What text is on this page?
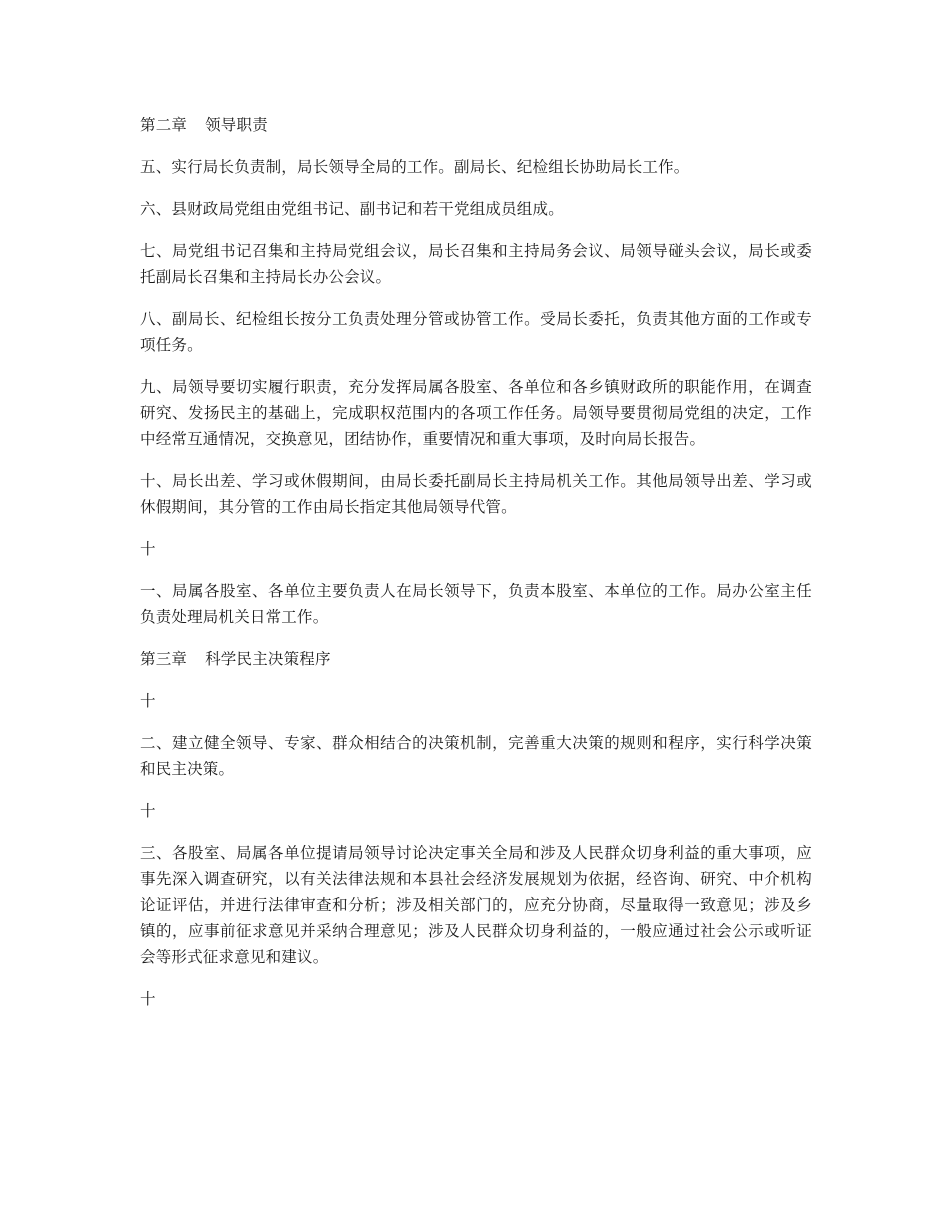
第二章 领导职责

五、实行局长负责制，局长领导全局的工作。副局长、纪检组长协助局长工作。

六、县财政局党组由党组书记、副书记和若干党组成员组成。

七、局党组书记召集和主持局党组会议，局长召集和主持局务会议、局领导碰头会议，局长或委托副局长召集和主持局长办公会议。

八、副局长、纪检组长按分工负责处理分管或协管工作。受局长委托，负责其他方面的工作或专项任务。

九、局领导要切实履行职责，充分发挥局属各股室、各单位和各乡镇财政所的职能作用，在调查研究、发扬民主的基础上，完成职权范围内的各项工作任务。局领导要贯彻局党组的决定，工作中经常互通情况，交换意见，团结协作，重要情况和重大事项，及时向局长报告。

十、局长出差、学习或休假期间，由局长委托副局长主持局机关工作。其他局领导出差、学习或休假期间，其分管的工作由局长指定其他局领导代管。

十

一、局属各股室、各单位主要负责人在局长领导下，负责本股室、本单位的工作。局办公室主任负责处理局机关日常工作。

第三章 科学民主决策程序
十

二、建立健全领导、专家、群众相结合的决策机制，完善重大决策的规则和程序，实行科学决策和民主决策。

十

三、各股室、局属各单位提请局领导讨论决定事关全局和涉及人民群众切身利益的重大事项，应事先深入调查研究，以有关法律法规和本县社会经济发展规划为依据，经咨询、研究、中介机构论证评估，并进行法律审查和分析；涉及相关部门的，应充分协商，尽量取得一致意见；涉及乡镇的，应事前征求意见并采纳合理意见；涉及人民群众切身利益的，一般应通过社会公示或听证会等形式征求意见和建议。

十
